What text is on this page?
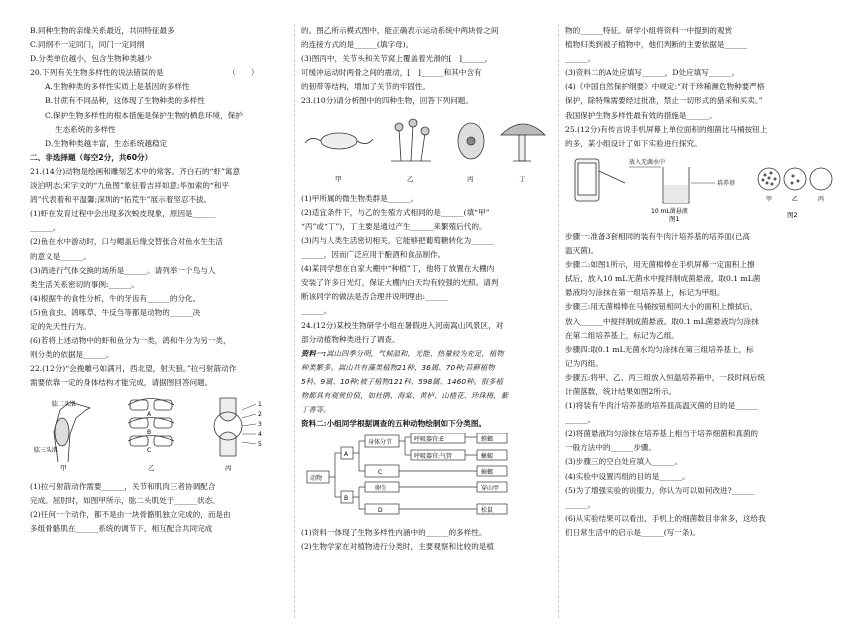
B.同种生物的亲缘关系最近，共同特征最多

C.同纲不一定同门，同门一定同纲

D.分类单位越小，包含生物种类越少

20.下列有关生物多样性的说法错误的是　　　　　　　　　（　　）

A.生物种类的多样性实质上是基因的多样性

B.甘蔗有不同品种，这体现了生物种类的多样性

C.保护生物多样性的根本措施是保护生物的栖息环境，保护

生态系统的多样性

D.生物种类越丰富，生态系统越稳定

二、非选择题（每空2分，共60分）

21.(14分)动物是绘画和雕刻艺术中的常客。齐白石的“虾”寓意

淡泊明志;宋字文的“九鱼图”象征着吉祥如意;毕加索的“和平

鸽”代表着和平温馨;深圳的“拓荒牛”展示着坚忍不拔。

(1)虾在发育过程中会出现多次蜕皮现象，原因是______

______。

(2)鱼在水中游动时，口与鳃盖后缘交替张合对鱼水生生活

的意义是______。

(3)鸽进行气体交换的场所是______。请列举一个鸟与人

类生活关系密切的事例:______。

(4)根据牛的食性分析，牛的牙齿有______的分化。

(5)鱼食虫、鸽啄草、牛反刍等都是动物的______决

定的先天性行为。

(6)若将上述动物中的虾和鱼分为一类，鸽和牛分为另一类，

则分类的依据是______。

22.(12分)“会挽雕弓如满月，西北望，射天狼。”拉弓射箭动作

需要依靠一定的身体结构才能完成，请据图回答问题。

肱二头肌
肱三头肌
A
B
C
1
2
3
4
5
甲	乙	丙

(1)拉弓射箭动作需要______，关节和肌肉三者协调配合

完成。屈肘时，如图甲所示，肱二头肌处于______状态。

(2)任何一个动作，都不是由一块骨骼肌独立完成的，而是由

多组骨骼肌在______系统的调节下，相互配合共同完成

的。图乙所示模式图中，能正确表示运动系统中两块骨之间

的连接方式的是______(填字母)。

(3)图丙中，关节头和关节窝上覆盖着光滑的[　]______，

可缓冲运动时两骨之间的震动，[　]______和其中含有

的韧带等结构，增加了关节的牢固性。

23.(10分)请分析图中的四种生物，回答下列问题。

甲	乙	丙	丁

(1)甲所属的微生物类群是______。

(2)适宜条件下，与乙的生殖方式相同的是______(填“甲”

“丙”或“丁”)，丁主要是通过产生______来繁殖后代的。

(3)丙与人类生活密切相关，它能够把葡萄糖转化为______

______，因而广泛应用于酿酒和食品制作。

(4)某同学想在自家大棚中“种植”丁，他将丁放置在大棚内

安装了许多日光灯，保证大棚内白天均有较强的光照。请判

断该同学的做法是否合理并说明理由:______

______。

24.(12分)某校生物研学小组在暑假进入河南嵩山风景区，对

部分动植物种类进行了调查。

资料一:嵩山四季分明，气候温和，光能、热量较为充足，植物

种类繁多。嵩山共有藻类植物21种、36属、70种;苔藓植物

5科、9属、10种;被子植物121科、598属、1460种。很多植

物都具有观赏价值，如杜鹃、海棠、黄栌、山楂花、珍珠梅，紫

丁香等。

资料二:小组同学根据调查的五种动物绘制如下分类图。

动物
A
B
身体分节
C
呼吸器官:E
呼吸器官:气管
螳螂
蜥蜴
蟑螂
卵生
D
穿山甲
松鼠

(1)资料一体现了生物多样性内涵中的______的多样性。

(2)生物学家在对植物进行分类时，主要观察和比较的是植

物的______特征。研学小组将资料一中提到的观赏

植物归类到被子植物中，他们判断的主要依据是______

______。

(3)资料二的A处应填写______，D处应填写______。

(4)《中国自然保护纲要》中规定:“对于珍稀濒危物种要严格

保护，除特殊需要经过批准，禁止一切形式的猎采和买卖。”

我国保护生物多样性最有效的措施是______。

25.(12分)有传言说手机屏幕上单位面积的细菌比马桶按钮上

的多，某小组设计了如下实验进行探究。

放入无菌水中
培养基
10 mL菌悬液
甲	乙	丙
图1	图2

步骤一:准备3套相同的装有牛肉汁培养基的培养皿(已高

温灭菌)。

步骤二:如图1所示，用无菌棉棒在手机屏幕一定面积上擦

拭后，放入10 mL无菌水中搅拌制成菌悬液，取0.1 mL菌

悬液均匀涂抹在第一组培养基上，标记为甲组。

步骤三:用无菌棉棒在马桶按钮相同大小的面积上擦拭后，

放入______中搅拌制成菌悬液。取0.1 mL菌悬液均匀涂抹

在第二组培养基上，标记为乙组。

步骤四:取0.1 mL无菌水均匀涂抹在第三组培养基上，标

记为丙组。

步骤五:将甲、乙、丙三组放入恒温培养箱中，一段时间后统

计菌落数，统计结果如图2所示。

(1)将装有牛肉汁培养基的培养皿高温灭菌的目的是______

______。

(2)将菌悬液均匀涂抹在培养基上相当于培养细菌和真菌的

一般方法中的______步骤。

(3)步骤三的空白处应填入______。

(4)实验中设置丙组的目的是______。

(5)为了增强实验的说服力，你认为可以如何改进?______

______。

(6)从实验结果可以看出，手机上的细菌数目非常多，这给我

们日常生活中的启示是______(写一条)。
